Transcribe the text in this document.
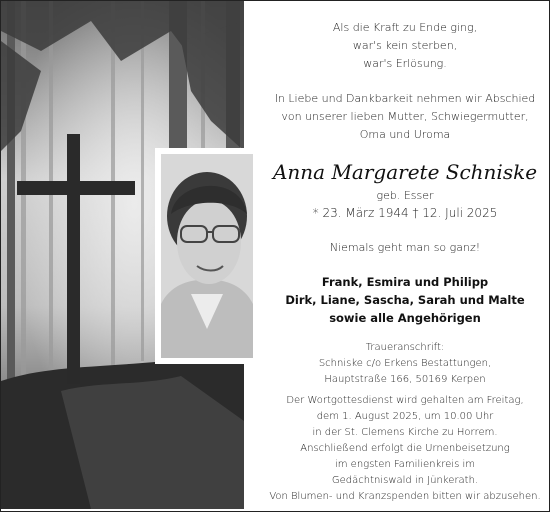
Als die Kraft zu Ende ging,
war's kein sterben,
war's Erlösung.
In Liebe und Dankbarkeit nehmen wir Abschied
von unserer lieben Mutter, Schwiegermutter,
Oma und Uroma
Anna Margarete Schniske
geb. Esser
* 23. März 1944 † 12. Juli 2025
Niemals geht man so ganz!
Frank, Esmira und Philipp
Dirk, Liane, Sascha, Sarah und Malte
sowie alle Angehörigen
Traueranschrift:
Schniske c/o Erkens Bestattungen,
Hauptstraße 166, 50169 Kerpen
Der Wortgottesdienst wird gehalten am Freitag,
dem 1. August 2025, um 10.00 Uhr
in der St. Clemens Kirche zu Horrem.
Anschließend erfolgt die Urnenbeisetzung
im engsten Familienkreis im
Gedächtniswald in Jünkerath.
Von Blumen- und Kranzspenden bitten wir abzusehen.
